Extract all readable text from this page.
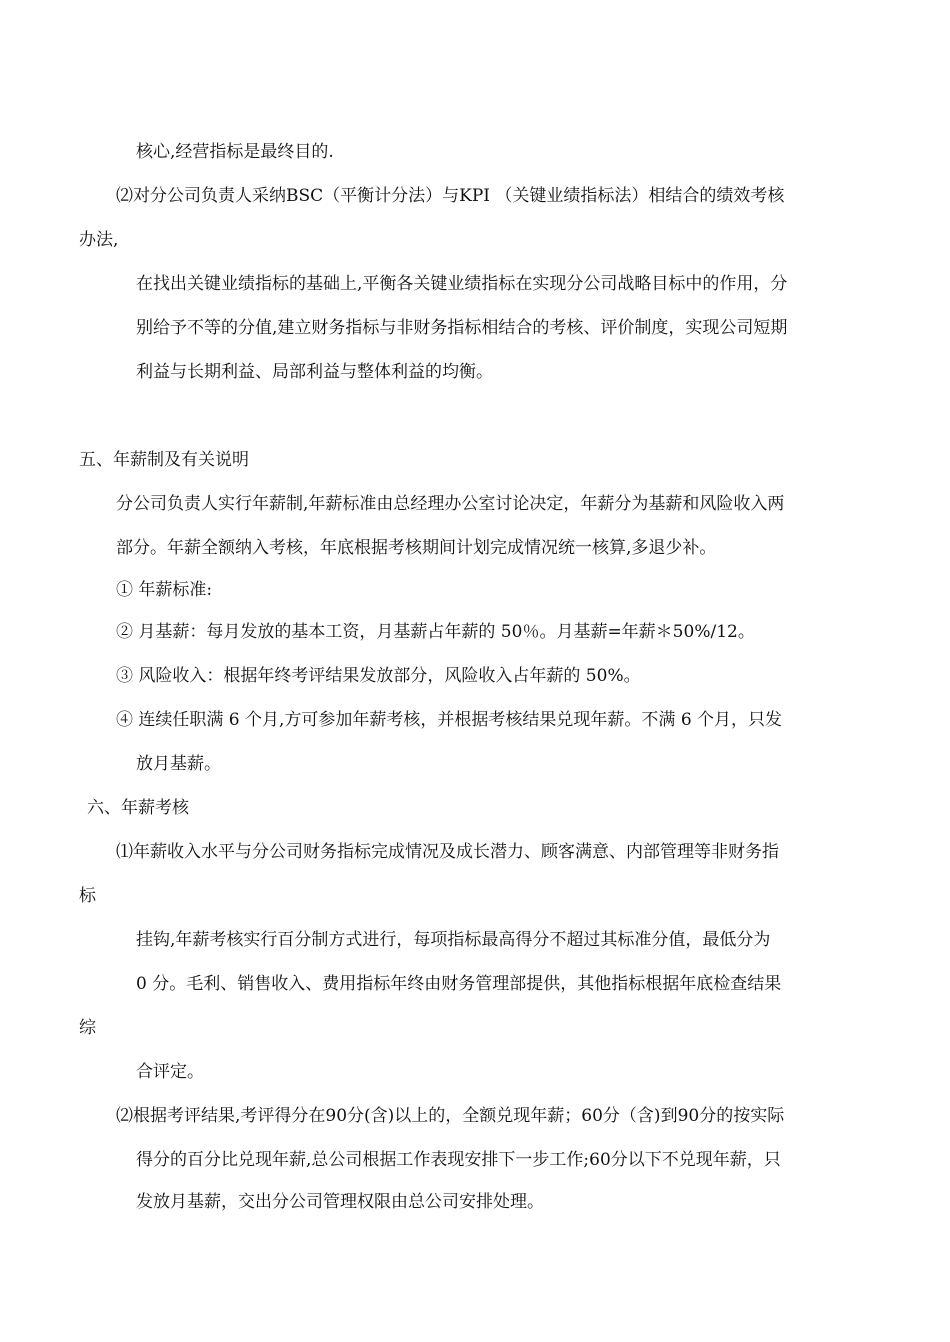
核心,经营指标是最终目的.
⑵对分公司负责人采纳BSC（平衡计分法）与KPI （关键业绩指标法）相结合的绩效考核
办法,
在找出关键业绩指标的基础上,平衡各关键业绩指标在实现分公司战略目标中的作用，分
别给予不等的分值,建立财务指标与非财务指标相结合的考核、评价制度，实现公司短期
利益与长期利益、局部利益与整体利益的均衡。
五、年薪制及有关说明
分公司负责人实行年薪制,年薪标准由总经理办公室讨论决定，年薪分为基薪和风险收入两
部分。年薪全额纳入考核，年底根据考核期间计划完成情况统一核算,多退少补。
① 年薪标准:
② 月基薪：每月发放的基本工资，月基薪占年薪的 50％。月基薪=年薪＊50%/12。
③ 风险收入：根据年终考评结果发放部分，风险收入占年薪的 50%。
④ 连续任职满 6 个月,方可参加年薪考核，并根据考核结果兑现年薪。不满 6 个月，只发
放月基薪。
六、年薪考核
⑴年薪收入水平与分公司财务指标完成情况及成长潜力、顾客满意、内部管理等非财务指
标
挂钩,年薪考核实行百分制方式进行，每项指标最高得分不超过其标准分值，最低分为
0 分。毛利、销售收入、费用指标年终由财务管理部提供，其他指标根据年底检查结果
综
合评定。
⑵根据考评结果,考评得分在90分(含)以上的，全额兑现年薪；60分（含)到90分的按实际
得分的百分比兑现年薪,总公司根据工作表现安排下一步工作;60分以下不兑现年薪，只
发放月基薪，交出分公司管理权限由总公司安排处理。
